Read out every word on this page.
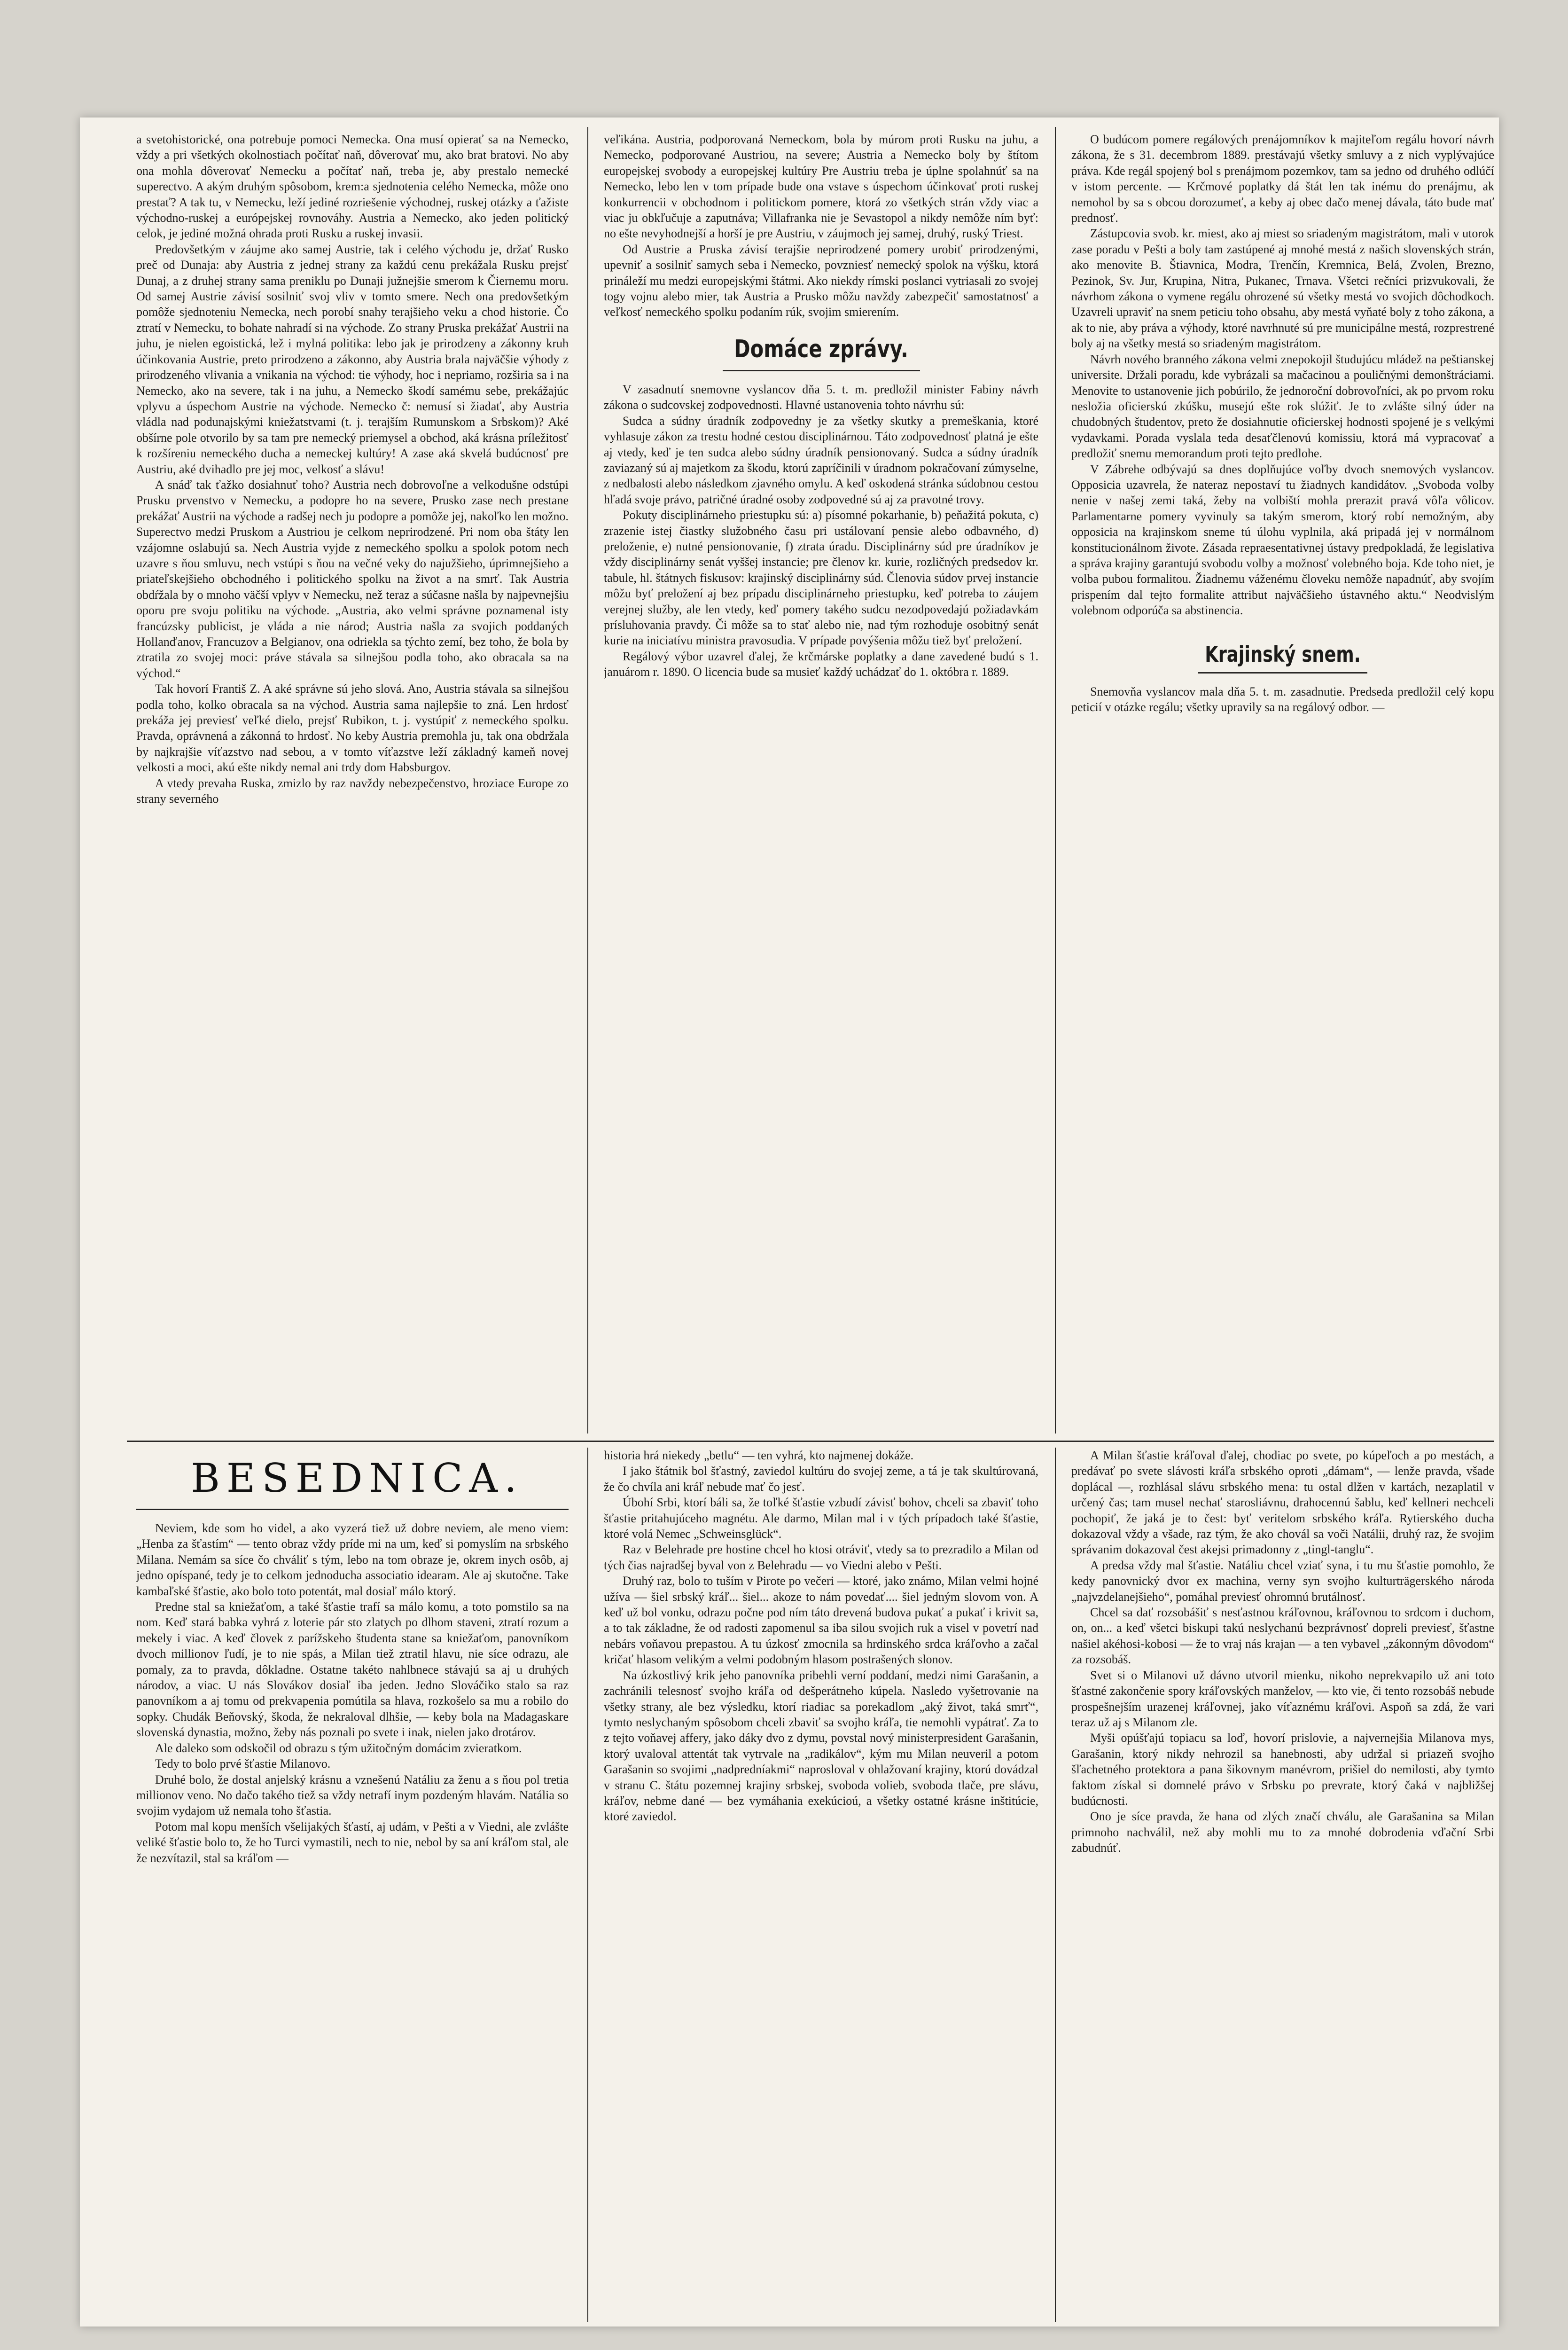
a svetohistorické, ona potrebuje pomoci Nemecka. Ona musí opierať sa na Nemecko, vždy a pri všetkých okolnostiach počítať naň, dôverovať mu, ako brat bratovi. No aby ona mohla dôverovať Nemecku a počítať naň, treba je, aby prestalo nemecké superectvo. A akým druhým spôsobom, krem:a sjednotenia celého Nemecka, môže ono prestať? A tak tu, v Nemecku, leží jediné rozriešenie východnej, ruskej otázky a ťažiste východno-ruskej a európejskej rovnováhy. Austria a Nemecko, ako jeden politický celok, je jediné možná ohrada proti Rusku a ruskej invasii.

Predovšetkým v záujme ako samej Austrie, tak i celého východu je, držať Rusko preč od Dunaja: aby Austria z jednej strany za každú cenu prekážala Rusku prejsť Dunaj, a z druhej strany sama preniklu po Dunaji južnejšie smerom k Čiernemu moru. Od samej Austrie závisí sosilniť svoj vliv v tomto smere. Nech ona predovšetkým pomôže sjednoteniu Nemecka, nech porobí snahy terajšieho veku a chod historie. Čo ztratí v Nemecku, to bohate nahradí si na východe. Zo strany Pruska prekážať Austrii na juhu, je nielen egoistická, lež i mylná politika: lebo jak je prirodzeny a zákonny kruh účinkovania Austrie, preto prirodzeno a zákonno, aby Austria brala najväčšie výhody z prirodzeného vlivania a vnikania na východ: tie výhody, hoc i nepriamo, rozširia sa i na Nemecko, ako na severe, tak i na juhu, a Nemecko škodí samému sebe, prekážajúc vplyvu a úspechom Austrie na východe. Nemecko č: nemusí si žiadať, aby Austria vládla nad podunajskými kniežatstvami (t. j. terajším Rumunskom a Srbskom)? Aké obšírne pole otvorilo by sa tam pre nemecký priemysel a obchod, aká krásna príležitosť k rozšíreniu nemeckého ducha a nemeckej kultúry! A zase aká skvelá budúcnosť pre Austriu, aké dvihadlo pre jej moc, velkosť a slávu!

A snáď tak ťažko dosiahnuť toho? Austria nech dobrovoľne a velkodušne odstúpi Prusku prvenstvo v Nemecku, a podopre ho na severe, Prusko zase nech prestane prekážať Austrii na východe a radšej nech ju podopre a pomôže jej, nakoľko len možno. Superectvo medzi Pruskom a Austriou je celkom neprirodzené. Pri nom oba štáty len vzájomne oslabujú sa. Nech Austria vyjde z nemeckého spolku a spolok potom nech uzavre s ňou smluvu, nech vstúpi s ňou na večné veky do najužšieho, úprimnejšieho a priateľskejšieho obchodného i politického spolku na život a na smrť. Tak Austria obdŕžala by o mnoho väčší vplyv v Nemecku, než teraz a súčasne našla by najpevnejšiu oporu pre svoju politiku na východe. „Austria, ako velmi správne poznamenal isty francúzsky publicist, je vláda a nie národ; Austria našla za svojich poddaných Hollanďanov, Francuzov a Belgianov, ona odriekla sa týchto zemí, bez toho, že bola by ztratila zo svojej moci: práve stávala sa silnejšou podla toho, ako obracala sa na východ.“

Tak hovorí Františ Z. A aké správne sú jeho slová. Ano, Austria stávala sa silnejšou podla toho, kolko obracala sa na východ. Austria sama najlepšie to zná. Len hrdosť prekáža jej previesť veľké dielo, prejsť Rubikon, t. j. vystúpiť z nemeckého spolku. Pravda, oprávnená a zákonná to hrdosť. No keby Austria premohla ju, tak ona obdržala by najkrajšie víťazstvo nad sebou, a v tomto víťazstve leží základný kameň novej velkosti a moci, akú ešte nikdy nemal ani trdy dom Habsburgov.

A vtedy prevaha Ruska, zmizlo by raz navždy nebezpečenstvo, hroziace Europe zo strany severného

veľikána. Austria, podporovaná Nemeckom, bola by múrom proti Rusku na juhu, a Nemecko, podporované Austriou, na severe; Austria a Nemecko boly by štítom europejskej svobody a europejskej kultúry Pre Austriu treba je úplne spolahnúť sa na Nemecko, lebo len v tom prípade bude ona vstave s úspechom účinkovať proti ruskej konkurrencii v obchodnom i politickom pomere, ktorá zo všetkých strán vždy viac a viac ju obkľučuje a zaputnáva; Villafranka nie je Sevastopol a nikdy nemôže ním byť: no ešte nevyhodnejší a horší je pre Austriu, v záujmoch jej samej, druhý, ruský Triest.

Od Austrie a Pruska závisí terajšie neprirodzené pomery urobiť prirodzenými, upevniť a sosilniť samych seba i Nemecko, povzniesť nemecký spolok na výšku, ktorá prináleží mu medzi europejskými štátmi. Ako niekdy rímski poslanci vytriasali zo svojej togy vojnu alebo mier, tak Austria a Prusko môžu navždy zabezpečiť samostatnosť a veľkosť nemeckého spolku podaním rúk, svojim smierením.

Domáce zprávy.

V zasadnutí snemovne vyslancov dňa 5. t. m. predložil minister Fabiny návrh zákona o sudcovskej zodpovednosti. Hlavné ustanovenia tohto návrhu sú:

Sudca a súdny úradník zodpovedny je za všetky skutky a premeškania, ktoré vyhlasuje zákon za trestu hodné cestou disciplinárnou. Táto zodpovednosť platná je ešte aj vtedy, keď je ten sudca alebo súdny úradník pensionovaný. Sudca a súdny úradník zaviazaný sú aj majetkom za škodu, ktorú zapríčinili v úradnom pokračovaní zúmyselne, z nedbalosti alebo následkom zjavného omylu. A keď oskodená stránka súdobnou cestou hľadá svoje právo, patričné úradné osoby zodpovedné sú aj za pravotné trovy.

Pokuty disciplinárneho priestupku sú: a) písomné pokarhanie, b) peňažitá pokuta, c) zrazenie istej čiastky služobného času pri ustálovaní pensie alebo odbavného, d) preloženie, e) nutné pensionovanie, f) ztrata úradu. Disciplinárny súd pre úradníkov je vždy disciplinárny senát vyššej instancie; pre členov kr. kurie, rozličných predsedov kr. tabule, hl. štátnych fiskusov: krajinský disciplinárny súd. Členovia súdov prvej instancie môžu byť preložení aj bez prípadu disciplinárneho priestupku, keď potreba to záujem verejnej služby, ale len vtedy, keď pomery takého sudcu nezodpovedajú požiadavkám prísluhovania pravdy. Či môže sa to stať alebo nie, nad tým rozhoduje osobitný senát kurie na iniciatívu ministra pravosudia. V prípade povýšenia môžu tiež byť preložení.

Regálový výbor uzavrel ďalej, že krčmárske poplatky a dane zavedené budú s 1. januárom r. 1890. O licencia bude sa musieť každý uchádzať do 1. októbra r. 1889.

O budúcom pomere regálových prenájomníkov k majiteľom regálu hovorí návrh zákona, že s 31. decembrom 1889. prestávajú všetky smluvy a z nich vyplývajúce práva. Kde regál spojený bol s prenájmom pozemkov, tam sa jedno od druhého odlúčí v istom percente. — Krčmové poplatky dá štát len tak inému do prenájmu, ak nemohol by sa s obcou dorozumeť, a keby aj obec dačo menej dávala, táto bude mať prednosť.

Zástupcovia svob. kr. miest, ako aj miest so sriadeným magistrátom, mali v utorok zase poradu v Pešti a boly tam zastúpené aj mnohé mestá z našich slovenských strán, ako menovite B. Štiavnica, Modra, Trenčín, Kremnica, Belá, Zvolen, Brezno, Pezinok, Sv. Jur, Krupina, Nitra, Pukanec, Trnava. Všetci rečníci prizvukovali, že návrhom zákona o vymene regálu ohrozené sú všetky mestá vo svojich dôchodkoch. Uzavreli upraviť na snem peticiu toho obsahu, aby mestá vyňaté boly z toho zákona, a ak to nie, aby práva a výhody, ktoré navrhnuté sú pre municipálne mestá, rozprestrené boly aj na všetky mestá so sriadeným magistrátom.

Návrh nového branného zákona velmi znepokojil študujúcu mládež na peštianskej universite. Držali poradu, kde vybrázali sa mačacinou a pouličnými demonštráciami. Menovite to ustanovenie jich pobúrilo, že jednoroční dobrovoľníci, ak po prvom roku nesložia oficierskú zkúšku, musejú ešte rok slúžiť. Je to zvlášte silný úder na chudobných študentov, preto že dosiahnutie oficierskej hodnosti spojené je s velkými vydavkami. Porada vyslala teda desaťčlenovú komissiu, ktorá má vypracovať a predložiť snemu memorandum proti tejto predlohe.

V Zábrehe odbývajú sa dnes doplňujúce voľby dvoch snemových vyslancov. Opposicia uzavrela, že nateraz nepostaví tu žiadnych kandidátov. „Svoboda volby nenie v našej zemi taká, žeby na volbiští mohla prerazit pravá vôľa vôlicov. Parlamentarne pomery vyvinuly sa takým smerom, ktorý robí nemožným, aby opposicia na krajinskom sneme tú úlohu vyplnila, aká pripadá jej v normálnom konstitucionálnom živote. Zásada repraesentativnej ústavy predpokladá, že legislativa a správa krajiny garantujú svobodu volby a možnosť volebného boja. Kde toho niet, je volba pubou formalitou. Žiadnemu váženému človeku nemôže napadnúť, aby svojím prispením dal tejto formalite attribut najväčšieho ústavného aktu.“ Neodvislým volebnom odporúča sa abstinencia.

Krajinský snem.

Snemovňa vyslancov mala dňa 5. t. m. zasadnutie. Predseda predložil celý kopu peticií v otázke regálu; všetky upravily sa na regálový odbor. —

BESEDNICA.

Neviem, kde som ho videl, a ako vyzerá tiež už dobre neviem, ale meno viem: „Henba za šťastím“ — tento obraz vždy príde mi na um, keď si pomyslím na srbského Milana. Nemám sa síce čo chváliť s tým, lebo na tom obraze je, okrem inych osôb, aj jedno opíspané, tedy je to celkom jednoducha associatio idearam. Ale aj skutočne. Take kambaľské šťastie, ako bolo toto potentát, mal dosiaľ málo ktorý.

Predne stal sa kniežaťom, a také šťastie trafí sa málo komu, a toto pomstilo sa na nom. Keď stará babka vyhrá z loterie pár sto zlatych po dlhom staveni, ztratí rozum a mekely i viac. A keď človek z parížskeho študenta stane sa kniežaťom, panovníkom dvoch millionov ľudí, je to nie spás, a Milan tiež ztratil hlavu, nie síce odrazu, ale pomaly, za to pravda, dôkladne. Ostatne takéto nahlbnece stávajú sa aj u druhých národov, a viac. U nás Slovákov dosiaľ iba jeden. Jedno Slováčiko stalo sa raz panovníkom a aj tomu od prekvapenia pomútila sa hlava, rozkošelo sa mu a robilo do sopky. Chudák Beňovský, škoda, že nekraloval dlhšie, — keby bola na Madagaskare slovenská dynastia, možno, žeby nás poznali po svete i inak, nielen jako drotárov.

Ale daleko som odskočil od obrazu s tým užitočným domácim zvieratkom.

Tedy to bolo prvé šťastie Milanovo.

Druhé bolo, že dostal anjelský krásnu a vznešenú Natáliu za ženu a s ňou pol tretia millionov veno. No dačo takého tiež sa vždy netrafí inym pozdeným hlavám. Natália so svojim vydajom už nemala toho šťastia.

Potom mal kopu menších všelijakých šťastí, aj udám, v Pešti a v Viedni, ale zvlášte veliké šťastie bolo to, že ho Turci vymastili, nech to nie, nebol by sa aní kráľom stal, ale že nezvítazil, stal sa kráľom —

historia hrá niekedy „betlu“ — ten vyhrá, kto najmenej dokáže.

I jako štátnik bol šťastný, zaviedol kultúru do svojej zeme, a tá je tak skultúrovaná, že čo chvíla ani kráľ nebude mať čo jesť.

Úbohí Srbi, ktorí báli sa, že toľké šťastie vzbudí závisť bohov, chceli sa zbaviť toho šťastie pritahujúceho magnétu. Ale darmo, Milan mal i v tých prípadoch také šťastie, ktoré volá Nemec „Schweinsglück“.

Raz v Belehrade pre hostine chcel ho ktosi otráviť, vtedy sa to prezradilo a Milan od tých čias najradšej byval von z Belehradu — vo Viedni alebo v Pešti.

Druhý raz, bolo to tuším v Pirote po večeri — ktoré, jako známo, Milan velmi hojné užíva — šiel srbský kráľ... šiel... akoze to nám povedať.... šiel jedným slovom von. A keď už bol vonku, odrazu počne pod ním táto drevená budova pukať a pukať i krivit sa, a to tak základne, že od radosti zapomenul sa iba silou svojich ruk a visel v povetrí nad nebárs voňavou prepastou. A tu úzkosť zmocnila sa hrdinského srdca kráľovho a začal kričať hlasom velikým a velmi podobným hlasom postrašených slonov.

Na úzkostlivý krik jeho panovníka pribehli verní poddaní, medzi nimi Garašanin, a zachránili telesnosť svojho kráľa od dešperátneho kúpela. Nasledo vyšetrovanie na všetky strany, ale bez výsledku, ktorí riadiac sa porekadlom „aký život, taká smrť“, tymto neslychaným spôsobom chceli zbaviť sa svojho kráľa, tie nemohli vypátrať. Za to z tejto voňavej affery, jako dáky dvo z dymu, povstal nový ministerpresident Garašanin, ktorý uvaloval attentát tak vytrvale na „radikálov“, kým mu Milan neuveril a potom Garašanin so svojimi „nadpredníakmi“ naprosloval v ohlažovaní krajiny, ktorú dovádzal v stranu C. štátu pozemnej krajiny srbskej, svoboda volieb, svoboda tlače, pre slávu, kráľov, nebme dané — bez vymáhania exekúcioú, a všetky ostatné krásne inštitúcie, ktoré zaviedol.

A Milan šťastie kráľoval ďalej, chodiac po svete, po kúpeľoch a po mestách, a predávať po svete slávosti kráľa srbského oproti „dámam“, — lenže pravda, všade doplácal —, rozhlásal slávu srbského mena: tu ostal dlžen v kartách, nezaplatil v určený čas; tam musel nechať starosliávnu, drahocennú šablu, keď kellneri nechceli pochopiť, že jaká je to čest: byť veritelom srbského kráľa. Rytierského ducha dokazoval vždy a všade, raz tým, že ako chovál sa voči Natálii, druhý raz, že svojim správanim dokazoval čest akejsi primadonny z „tingl-tanglu“.

A predsa vždy mal šťastie. Natáliu chcel vziať syna, i tu mu šťastie pomohlo, že kedy panovnický dvor ex machina, verny syn svojho kulturträgerského národa „najvzdelanejšieho“, pomáhal previesť ohromnú brutálnosť.

Chcel sa dať rozsobášiť s nesťastnou kráľovnou, kráľovnou to srdcom i duchom, on, on... a keď všetci biskupi takú neslychanú bezprávnosť dopreli previesť, šťastne našiel akéhosi-kobosi — že to vraj nás krajan — a ten vybavel „zákonným dôvodom“ za rozsobáš.

Svet si o Milanovi už dávno utvoril mienku, nikoho neprekvapilo už ani toto šťastné zakončenie spory kráľovských manželov, — kto vie, či tento rozsobáš nebude prospešnejším urazenej kráľovnej, jako víťaznému kráľovi. Aspoň sa zdá, že vari teraz už aj s Milanom zle.

Myši opúšťajú topiacu sa loď, hovorí prislovie, a najvernejšia Milanova mys, Garašanin, ktorý nikdy nehrozil sa hanebnosti, aby udržal si priazeň svojho šľachetného protektora a pana šikovnym manévrom, prišiel do nemilosti, aby tymto faktom získal si domnelé právo v Srbsku po prevrate, ktorý čaká v najbližšej budúcnosti.

Ono je síce pravda, že hana od zlých značí chválu, ale Garašanina sa Milan primnoho nachválil, než aby mohli mu to za mnohé dobrodenia vďační Srbi zabudnúť.
